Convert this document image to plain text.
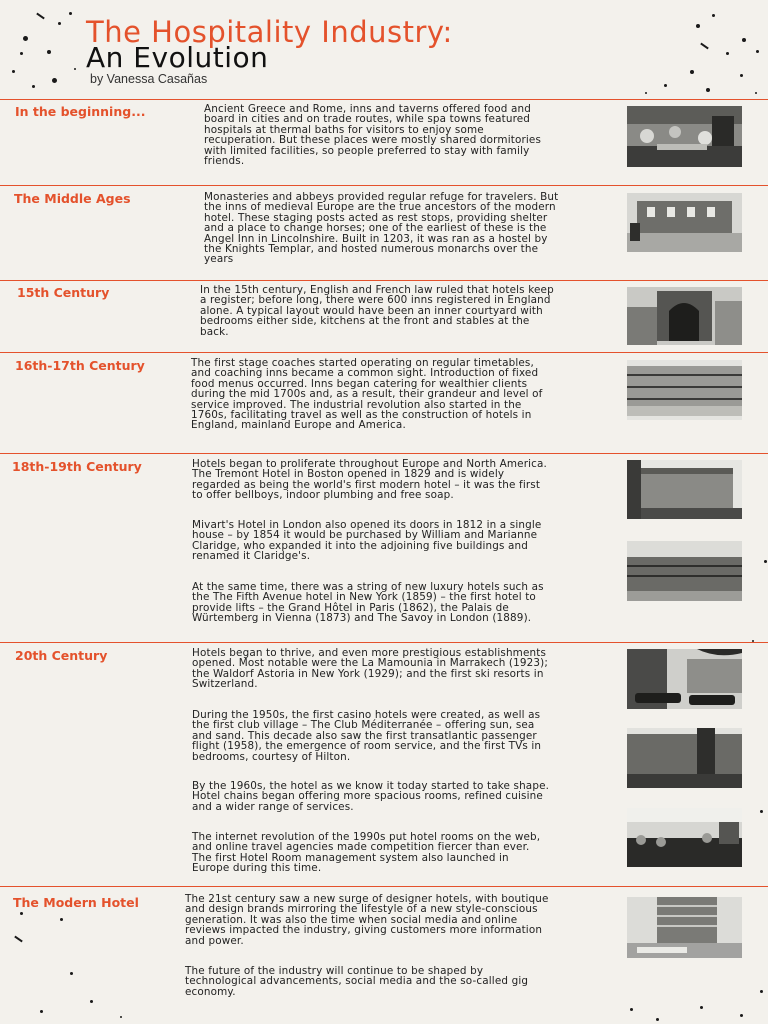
The Hospitality Industry:
An Evolution
by Vanessa Casañas
In the beginning...	Ancient Greece and Rome, inns and taverns offered food and board in cities and on trade routes, while spa towns featured hospitals at thermal baths for visitors to enjoy some recuperation. But these places were mostly shared dormitories with limited facilities, so people preferred to stay with family friends.
The Middle Ages	Monasteries and abbeys provided regular refuge for travelers. But the inns of medieval Europe are the true ancestors of the modern hotel. These staging posts acted as rest stops, providing shelter and a place to change horses; one of the earliest of these is the Angel Inn in Lincolnshire. Built in 1203, it was ran as a hostel by the Knights Templar, and hosted numerous monarchs over the years
15th Century	In the 15th century, English and French law ruled that hotels keep a register; before long, there were 600 inns registered in England alone. A typical layout would have been an inner courtyard with bedrooms either side, kitchens at the front and stables at the back.
16th-17th Century	The first stage coaches started operating on regular timetables, and coaching inns became a common sight. Introduction of fixed food menus occurred. Inns began catering for wealthier clients during the mid 1700s and, as a result, their grandeur and level of service improved. The industrial revolution also started in the 1760s, facilitating travel as well as the construction of hotels in England, mainland Europe and America.
18th-19th Century	Hotels began to proliferate throughout Europe and North America. The Tremont Hotel in Boston opened in 1829 and is widely regarded as being the world's first modern hotel – it was the first to offer bellboys, indoor plumbing and free soap.
Mivart's Hotel in London also opened its doors in 1812 in a single house – by 1854 it would be purchased by William and Marianne Claridge, who expanded it into the adjoining five buildings and renamed it Claridge's.
At the same time, there was a string of new luxury hotels such as the The Fifth Avenue hotel in New York (1859) – the first hotel to provide lifts – the Grand Hôtel in Paris (1862), the Palais de Würtemberg in Vienna (1873) and The Savoy in London (1889).
20th Century	Hotels began to thrive, and even more prestigious establishments opened. Most notable were the La Mamounia in Marrakech (1923); the Waldorf Astoria in New York (1929); and the first ski resorts in Switzerland.
During the 1950s, the first casino hotels were created, as well as the first club village – The Club Méditerranée – offering sun, sea and sand. This decade also saw the first transatlantic passenger flight (1958), the emergence of room service, and the first TVs in bedrooms, courtesy of Hilton.
By the 1960s, the hotel as we know it today started to take shape. Hotel chains began offering more spacious rooms, refined cuisine and a wider range of services.
The internet revolution of the 1990s put hotel rooms on the web, and online travel agencies made competition fiercer than ever. The first Hotel Room management system also launched in Europe during this time.
The Modern Hotel	The 21st century saw a new surge of designer hotels, with boutique and design brands mirroring the lifestyle of a new style-conscious generation. It was also the time when social media and online reviews impacted the industry, giving customers more information and power.
The future of the industry will continue to be shaped by technological advancements, social media and the so-called gig economy.
